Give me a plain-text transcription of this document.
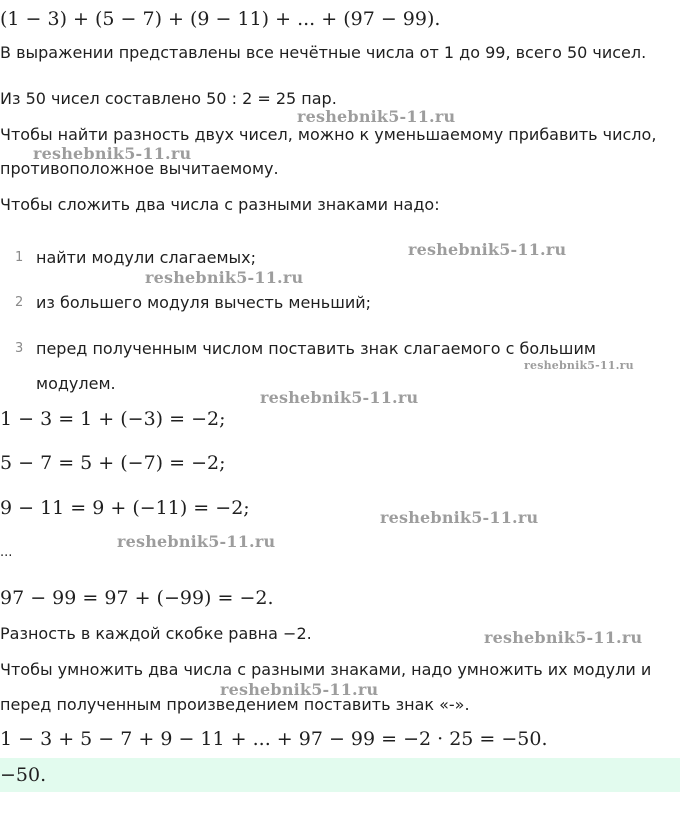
(1 − 3) + (5 − 7) + (9 − 11) + ... + (97 − 99).
В выражении представлены все нечётные числа от 1 до 99, всего 50 чисел.
Из 50 чисел составлено 50 : 2 = 25 пар.
Чтобы найти разность двух чисел, можно к уменьшаемому прибавить число,
противоположное вычитаемому.
Чтобы сложить два числа с разными знаками надо:
1 найти модули слагаемых;
2 из большего модуля вычесть меньший;
3 перед полученным числом поставить знак слагаемого с большим
модулем.
1 − 3 = 1 + (−3) = −2;
5 − 7 = 5 + (−7) = −2;
9 − 11 = 9 + (−11) = −2;
...
97 − 99 = 97 + (−99) = −2.
Разность в каждой скобке равна −2.
Чтобы умножить два числа с разными знаками, надо умножить их модули и
перед полученным произведением поставить знак «-».
1 − 3 + 5 − 7 + 9 − 11 + ... + 97 − 99 = −2 · 25 = −50.
−50.
reshebnik5-11.ru
reshebnik5-11.ru
reshebnik5-11.ru
reshebnik5-11.ru
reshebnik5-11.ru
reshebnik5-11.ru
reshebnik5-11.ru
reshebnik5-11.ru
reshebnik5-11.ru
reshebnik5-11.ru
